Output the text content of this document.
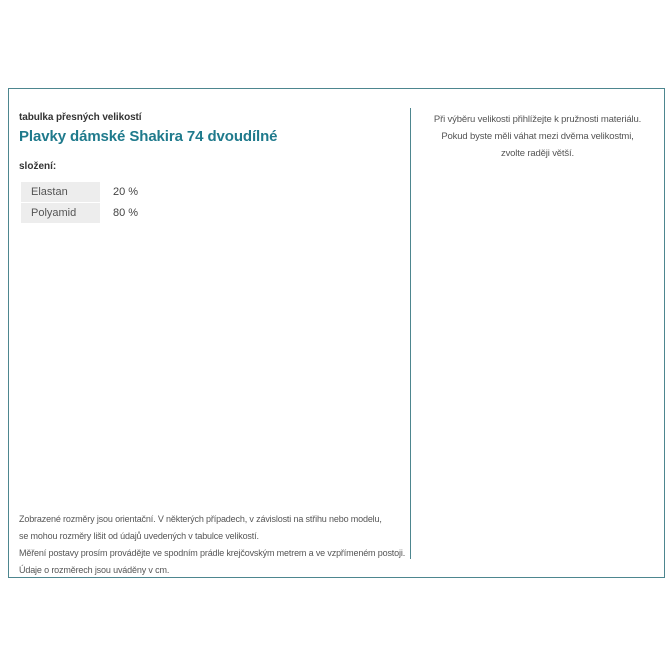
tabulka přesných velikostí
Plavky dámské Shakira 74 dvoudílné
složení:
Elastan	20 %
Polyamid	80 %
Zobrazené rozměry jsou orientační. V některých případech, v závislosti na střihu nebo modelu,
se mohou rozměry lišit od údajů uvedených v tabulce velikostí.
Měření postavy prosím provádějte ve spodním prádle krejčovským metrem a ve vzpřímeném postoji.
Údaje o rozměrech jsou uváděny v cm.
Při výběru velikosti přihlížejte k pružnosti materiálu.
Pokud byste měli váhat mezi dvěma velikostmi,
zvolte raději větší.
